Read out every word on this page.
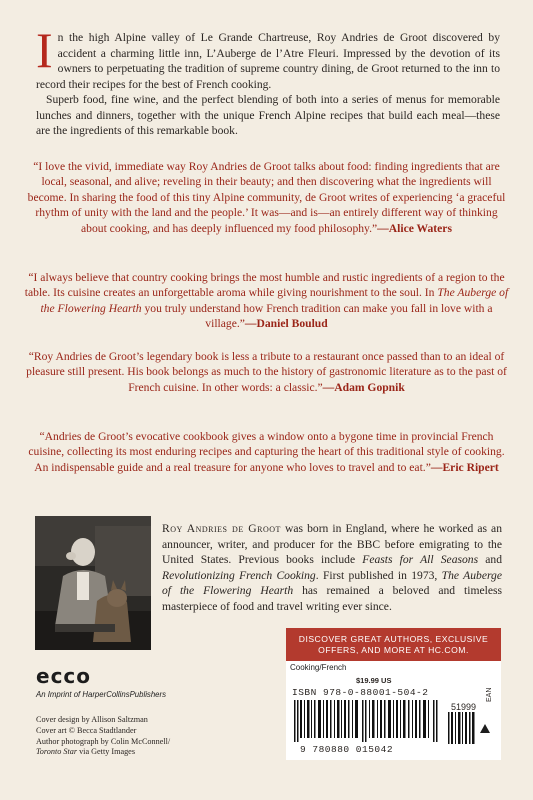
In the high Alpine valley of Le Grande Chartreuse, Roy Andries de Groot discovered by accident a charming little inn, L’Auberge de l’Atre Fleuri. Impressed by the devotion of its owners to perpetuating the tradition of supreme country dining, de Groot returned to the inn to record their recipes for the best of French cooking.

Superb food, fine wine, and the perfect blending of both into a series of menus for memorable lunches and dinners, together with the unique French Alpine recipes that build each meal—these are the ingredients of this remarkable book.

“I love the vivid, immediate way Roy Andries de Groot talks about food: finding ingredients that are local, seasonal, and alive; reveling in their beauty; and then discovering what the ingredients will become. In sharing the food of this tiny Alpine community, de Groot writes of experiencing ‘a graceful rhythm of unity with the land and the people.’ It was—and is—an entirely different way of thinking about cooking, and has deeply influenced my food philosophy.”—Alice Waters
“I always believe that country cooking brings the most humble and rustic ingredients of a region to the table. Its cuisine creates an unforgettable aroma while giving nourishment to the soul. In The Auberge of the Flowering Hearth you truly understand how French tradition can make you fall in love with a village.”—Daniel Boulud
“Roy Andries de Groot’s legendary book is less a tribute to a restaurant once passed than to an ideal of pleasure still present. His book belongs as much to the history of gastronomic literature as to the past of French cuisine. In other words: a classic.”—Adam Gopnik
“Andries de Groot’s evocative cookbook gives a window onto a bygone time in provincial French cuisine, collecting its most enduring recipes and capturing the heart of this traditional style of cooking. An indispensable guide and a real treasure for anyone who loves to travel and to eat.”—Eric Ripert
Roy Andries de Groot was born in England, where he worked as an announcer, writer, and producer for the BBC before emigrating to the United States. Previous books include Feasts for All Seasons and Revolutionizing French Cooking. First published in 1973, The Auberge of the Flowering Hearth has remained a beloved and timeless masterpiece of food and travel writing ever since.
ecco
An Imprint of HarperCollinsPublishers
Cover design by Allison Saltzman
Cover art © Becca Stadtlander
Author photograph by Colin McConnell/
Toronto Star via Getty Images
DISCOVER GREAT AUTHORS, EXCLUSIVE
OFFERS, AND MORE AT HC.COM.
Cooking/French
$19.99 US
ISBN 978-0-88001-504-2
51999
EAN
9 780880 015042
